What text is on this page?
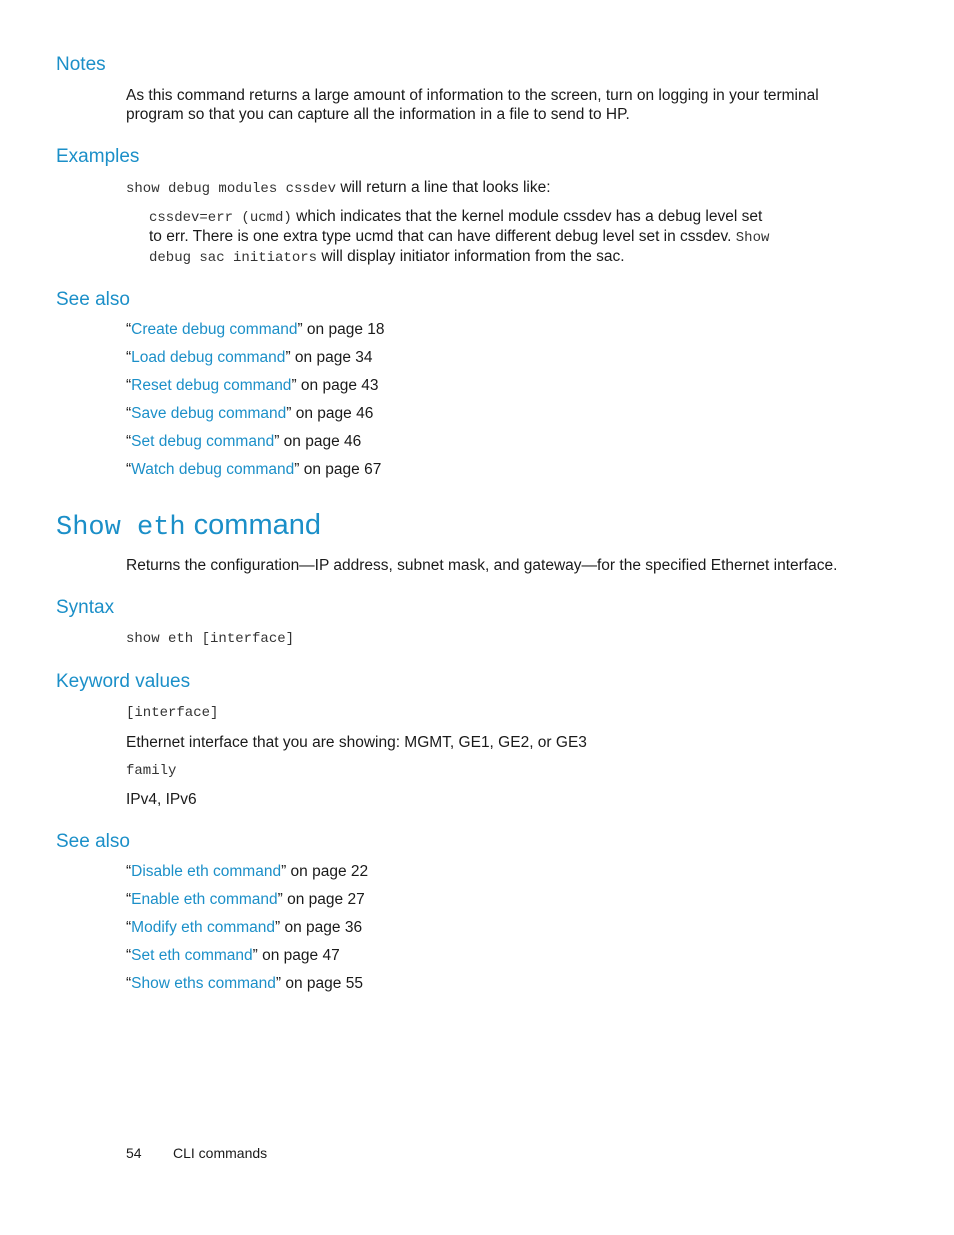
Notes
As this command returns a large amount of information to the screen, turn on logging in your terminal
program so that you can capture all the information in a file to send to HP.
Examples
show debug modules cssdev will return a line that looks like:
cssdev=err (ucmd) which indicates that the kernel module cssdev has a debug level set
to err. There is one extra type ucmd that can have different debug level set in cssdev. Show
debug sac initiators will display initiator information from the sac.
See also
“Create debug command” on page 18
“Load debug command” on page 34
“Reset debug command” on page 43
“Save debug command” on page 46
“Set debug command” on page 46
“Watch debug command” on page 67
Show eth command
Returns the configuration—IP address, subnet mask, and gateway—for the specified Ethernet interface.
Syntax
show eth [interface]
Keyword values
[interface]
Ethernet interface that you are showing: MGMT, GE1, GE2, or GE3
family
IPv4, IPv6
See also
“Disable eth command” on page 22
“Enable eth command” on page 27
“Modify eth command” on page 36
“Set eth command” on page 47
“Show eths command” on page 55
54 CLI commands
